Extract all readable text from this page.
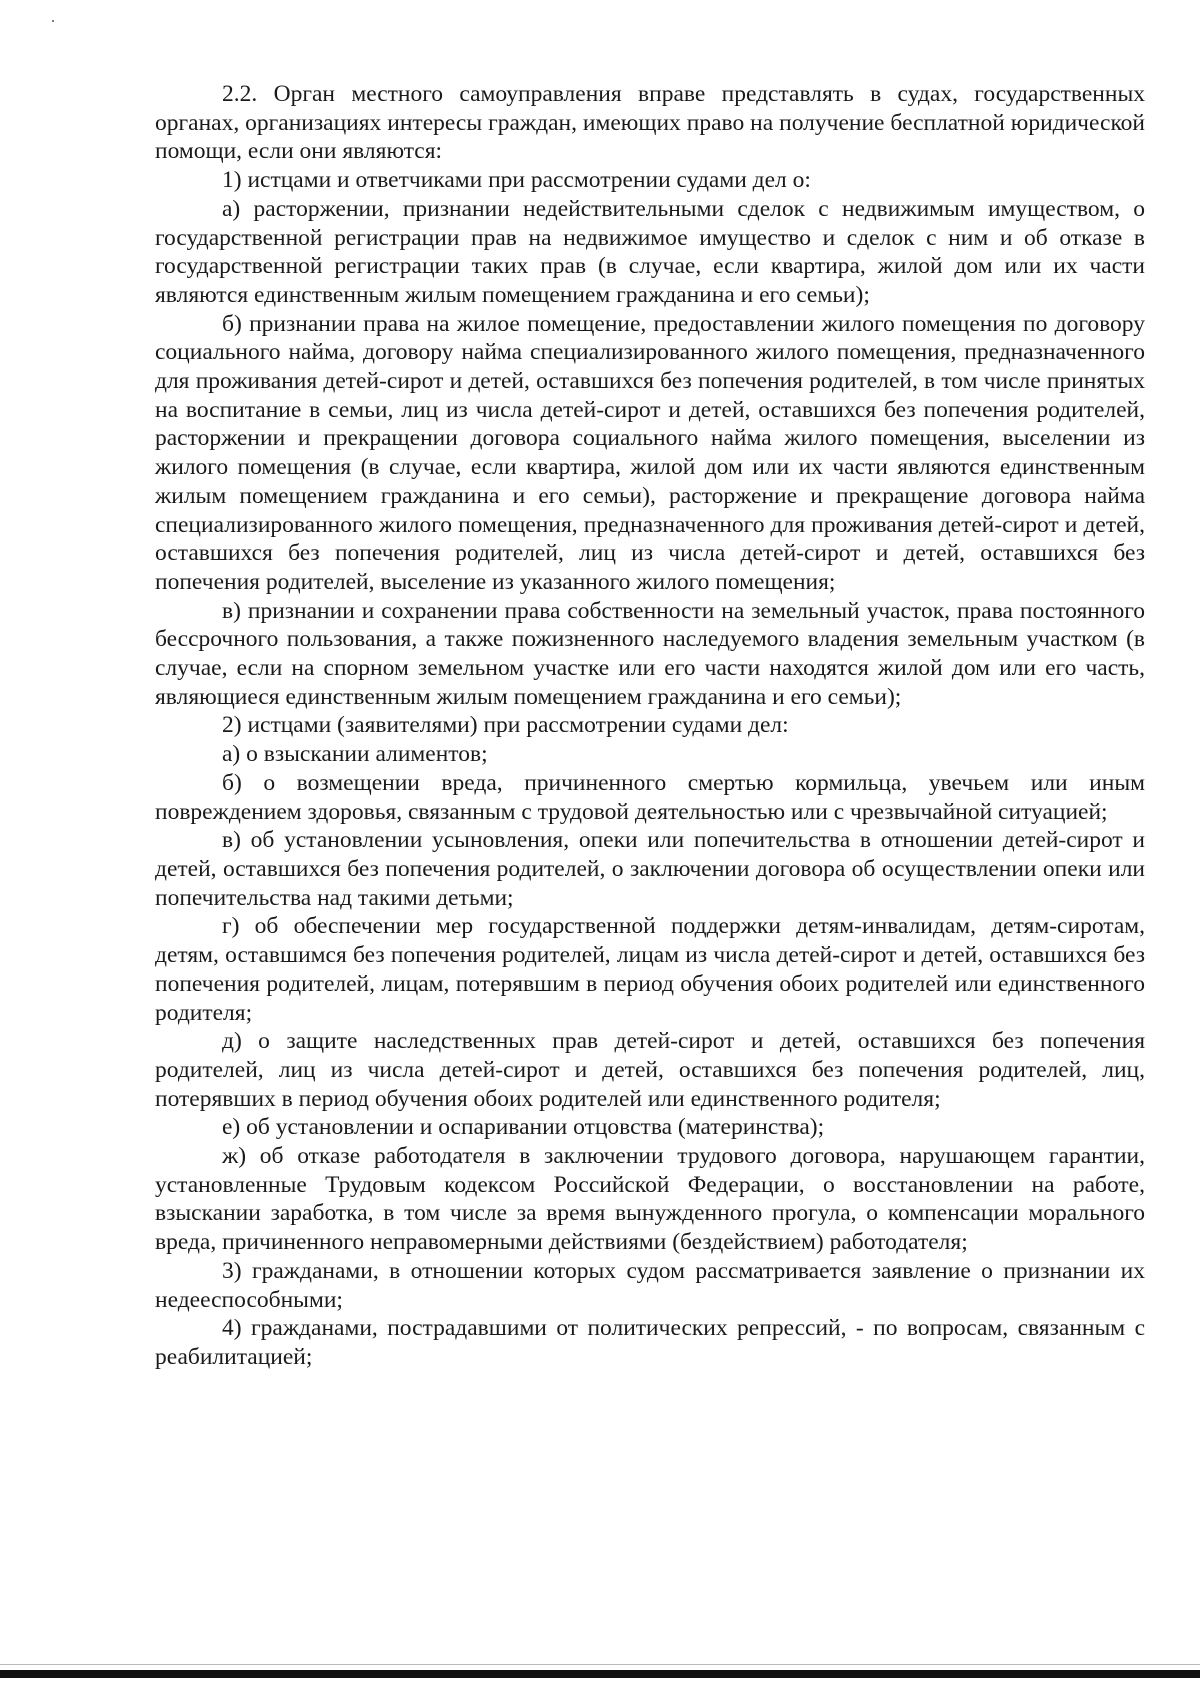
2.2. Орган местного самоуправления вправе представлять в судах, государственных органах, организациях интересы граждан, имеющих право на получение бесплатной юридической помощи, если они являются:

1) истцами и ответчиками при рассмотрении судами дел о:

а) расторжении, признании недействительными сделок с недвижимым имуществом, о государственной регистрации прав на недвижимое имущество и сделок с ним и об отказе в государственной регистрации таких прав (в случае, если квартира, жилой дом или их части являются единственным жилым помещением гражданина и его семьи);

б) признании права на жилое помещение, предоставлении жилого помещения по договору социального найма, договору найма специализированного жилого помещения, предназначенного для проживания детей-сирот и детей, оставшихся без попечения родителей, в том числе принятых на воспитание в семьи, лиц из числа детей-сирот и детей, оставшихся без попечения родителей, расторжении и прекращении договора социального найма жилого помещения, выселении из жилого помещения (в случае, если квартира, жилой дом или их части являются единственным жилым помещением гражданина и его семьи), расторжение и прекращение договора найма специализированного жилого помещения, предназначенного для проживания детей-сирот и детей, оставшихся без попечения родителей, лиц из числа детей-сирот и детей, оставшихся без попечения родителей, выселение из указанного жилого помещения;

в) признании и сохранении права собственности на земельный участок, права постоянного бессрочного пользования, а также пожизненного наследуемого владения земельным участком (в случае, если на спорном земельном участке или его части находятся жилой дом или его часть, являющиеся единственным жилым помещением гражданина и его семьи);

2) истцами (заявителями) при рассмотрении судами дел:

а) о взыскании алиментов;

б) о возмещении вреда, причиненного смертью кормильца, увечьем или иным повреждением здоровья, связанным с трудовой деятельностью или с чрезвычайной ситуацией;

в) об установлении усыновления, опеки или попечительства в отношении детей-сирот и детей, оставшихся без попечения родителей, о заключении договора об осуществлении опеки или попечительства над такими детьми;

г) об обеспечении мер государственной поддержки детям-инвалидам, детям-сиротам, детям, оставшимся без попечения родителей, лицам из числа детей-сирот и детей, оставшихся без попечения родителей, лицам, потерявшим в период обучения обоих родителей или единственного родителя;

д) о защите наследственных прав детей-сирот и детей, оставшихся без попечения родителей, лиц из числа детей-сирот и детей, оставшихся без попечения родителей, лиц, потерявших в период обучения обоих родителей или единственного родителя;

е) об установлении и оспаривании отцовства (материнства);

ж) об отказе работодателя в заключении трудового договора, нарушающем гарантии, установленные Трудовым кодексом Российской Федерации, о восстановлении на работе, взыскании заработка, в том числе за время вынужденного прогула, о компенсации морального вреда, причиненного неправомерными действиями (бездействием) работодателя;

3) гражданами, в отношении которых судом рассматривается заявление о признании их недееспособными;

4) гражданами, пострадавшими от политических репрессий, - по вопросам, связанным с реабилитацией;
